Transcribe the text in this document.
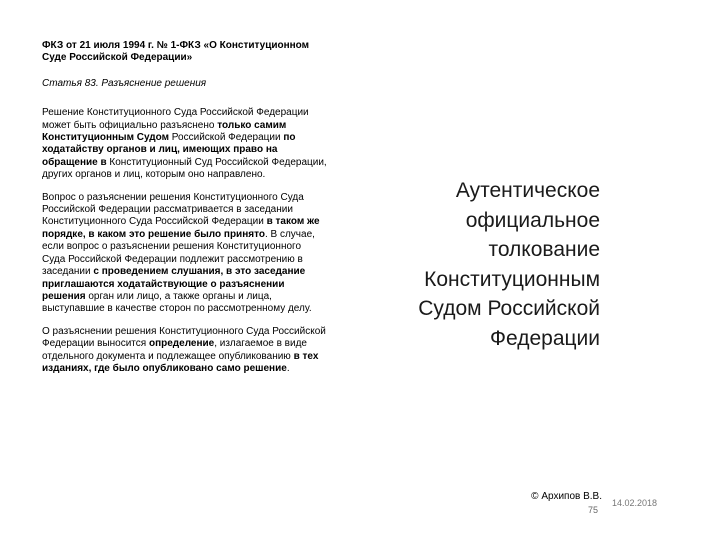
ФКЗ от 21 июля 1994 г. № 1-ФКЗ «О Конституционном Суде Российской Федерации»

Статья 83. Разъяснение решения

Решение Конституционного Суда Российской Федерации может быть официально разъяснено только самим Конституционным Судом Российской Федерации по ходатайству органов и лиц, имеющих право на обращение в Конституционный Суд Российской Федерации, других органов и лиц, которым оно направлено.

Вопрос о разъяснении решения Конституционного Суда Российской Федерации рассматривается в заседании Конституционного Суда Российской Федерации в таком же порядке, в каком это решение было принято. В случае, если вопрос о разъяснении решения Конституционного Суда Российской Федерации подлежит рассмотрению в заседании с проведением слушания, в это заседание приглашаются ходатайствующие о разъяснении решения орган или лицо, а также органы и лица, выступавшие в качестве сторон по рассмотренному делу.

О разъяснении решения Конституционного Суда Российской Федерации выносится определение, излагаемое в виде отдельного документа и подлежащее опубликованию в тех изданиях, где было опубликовано само решение.

Аутентическое официальное толкование Конституционным Судом Российской Федерации
© Архипов В.В.
75
14.02.2018
